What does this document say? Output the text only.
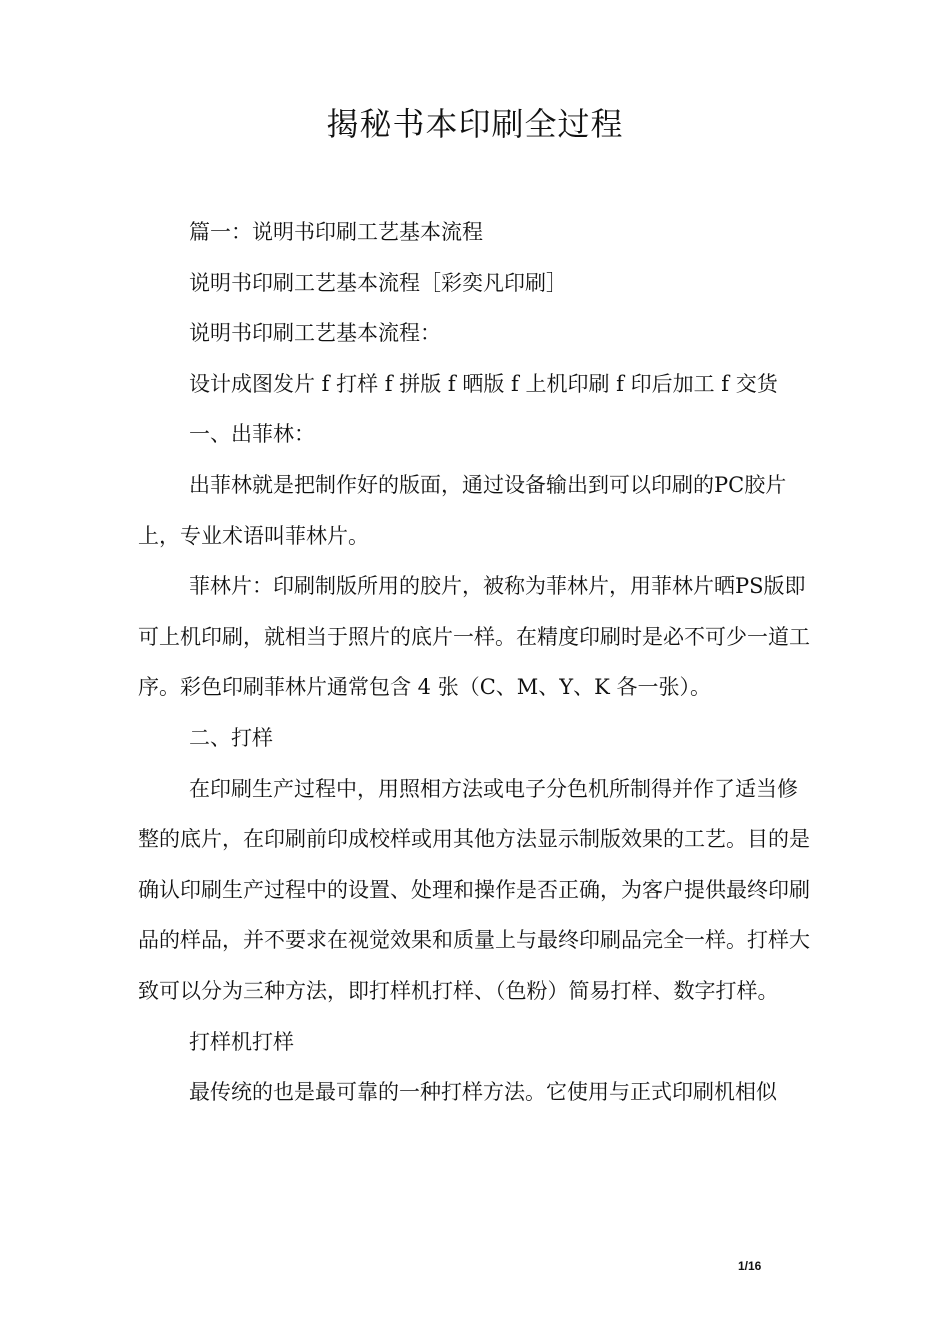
揭秘书本印刷全过程

篇一：说明书印刷工艺基本流程

说明书印刷工艺基本流程［彩奕凡印刷］

说明书印刷工艺基本流程：

设计成图发片 f 打样 f 拼版 f 晒版 f 上机印刷 f 印后加工 f 交货

一、出菲林：

出菲林就是把制作好的版面，通过设备输出到可以印刷的PC胶片上，专业术语叫菲林片。

菲林片：印刷制版所用的胶片，被称为菲林片，用菲林片晒PS版即可上机印刷，就相当于照片的底片一样。在精度印刷时是必不可少一道工序。彩色印刷菲林片通常包含 4 张（C、M、Y、K 各一张）。

二、打样

在印刷生产过程中，用照相方法或电子分色机所制得并作了适当修整的底片，在印刷前印成校样或用其他方法显示制版效果的工艺。目的是确认印刷生产过程中的设置、处理和操作是否正确，为客户提供最终印刷品的样品，并不要求在视觉效果和质量上与最终印刷品完全一样。打样大致可以分为三种方法，即打样机打样、（色粉）简易打样、数字打样。

打样机打样

最传统的也是最可靠的一种打样方法。它使用与正式印刷机相似

1/16
